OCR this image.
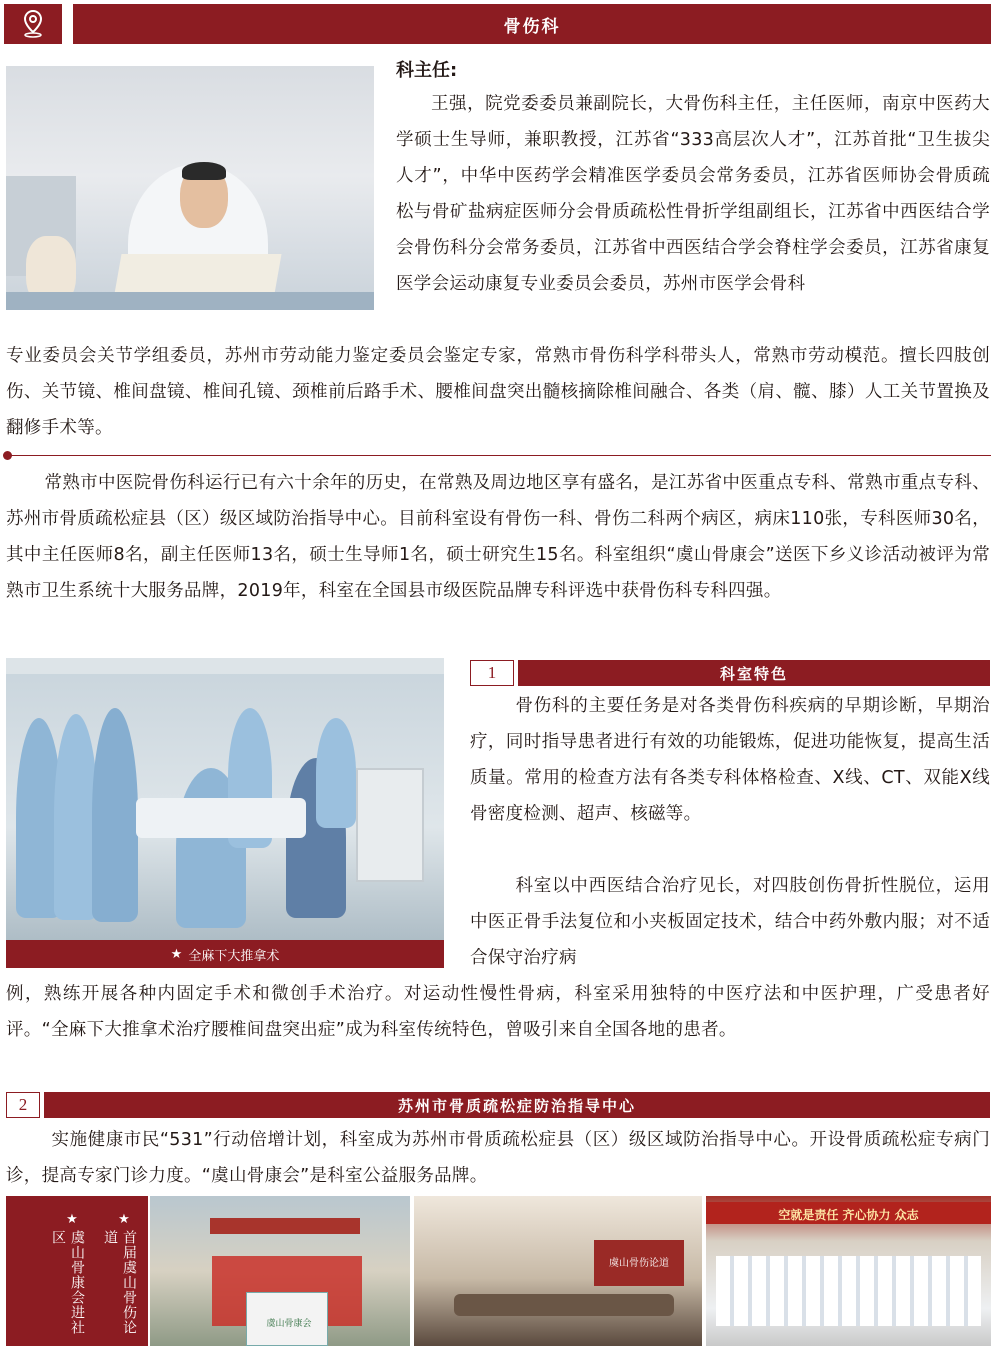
骨伤科
科主任:
王强，院党委委员兼副院长，大骨伤科主任，主任医师，南京中医药大学硕士生导师，兼职教授，江苏省“333高层次人才”，江苏首批“卫生拔尖人才”，中华中医药学会精准医学委员会常务委员，江苏省医师协会骨质疏松与骨矿盐病症医师分会骨质疏松性骨折学组副组长，江苏省中西医结合学会骨伤科分会常务委员，江苏省中西医结合学会脊柱学会委员，江苏省康复医学会运动康复专业委员会委员，苏州市医学会骨科
专业委员会关节学组委员，苏州市劳动能力鉴定委员会鉴定专家，常熟市骨伤科学科带头人，常熟市劳动模范。擅长四肢创伤、关节镜、椎间盘镜、椎间孔镜、颈椎前后路手术、腰椎间盘突出髓核摘除椎间融合、各类（肩、髋、膝）人工关节置换及翻修手术等。
常熟市中医院骨伤科运行已有六十余年的历史，在常熟及周边地区享有盛名，是江苏省中医重点专科、常熟市重点专科、苏州市骨质疏松症县（区）级区域防治指导中心。目前科室设有骨伤一科、骨伤二科两个病区，病床110张，专科医师30名，其中主任医师8名，副主任医师13名，硕士生导师1名，硕士研究生15名。科室组织“虞山骨康会”送医下乡义诊活动被评为常熟市卫生系统十大服务品牌，2019年，科室在全国县市级医院品牌专科评选中获骨伤科专科四强。
★ 全麻下大推拿术
1	科室特色
骨伤科的主要任务是对各类骨伤科疾病的早期诊断，早期治疗，同时指导患者进行有效的功能锻炼，促进功能恢复，提高生活质量。常用的检查方法有各类专科体格检查、X线、CT、双能X线骨密度检测、超声、核磁等。
科室以中西医结合治疗见长，对四肢创伤骨折性脱位，运用中医正骨手法复位和小夹板固定技术，结合中药外敷内服；对不适合保守治疗病
例，熟练开展各种内固定手术和微创手术治疗。对运动性慢性骨病，科室采用独特的中医疗法和中医护理，广受患者好评。“全麻下大推拿术治疗腰椎间盘突出症”成为科室传统特色，曾吸引来自全国各地的患者。
2	苏州市骨质疏松症防治指导中心
实施健康市民“531”行动倍增计划，科室成为苏州市骨质疏松症县（区）级区域防治指导中心。开设骨质疏松症专病门诊，提高专家门诊力度。“虞山骨康会”是科室公益服务品牌。
★
首届虞山骨伤论道
★
虞山骨康会进社区
虞山骨康会
虞山骨伤论道
空就是责任 齐心协力 众志
